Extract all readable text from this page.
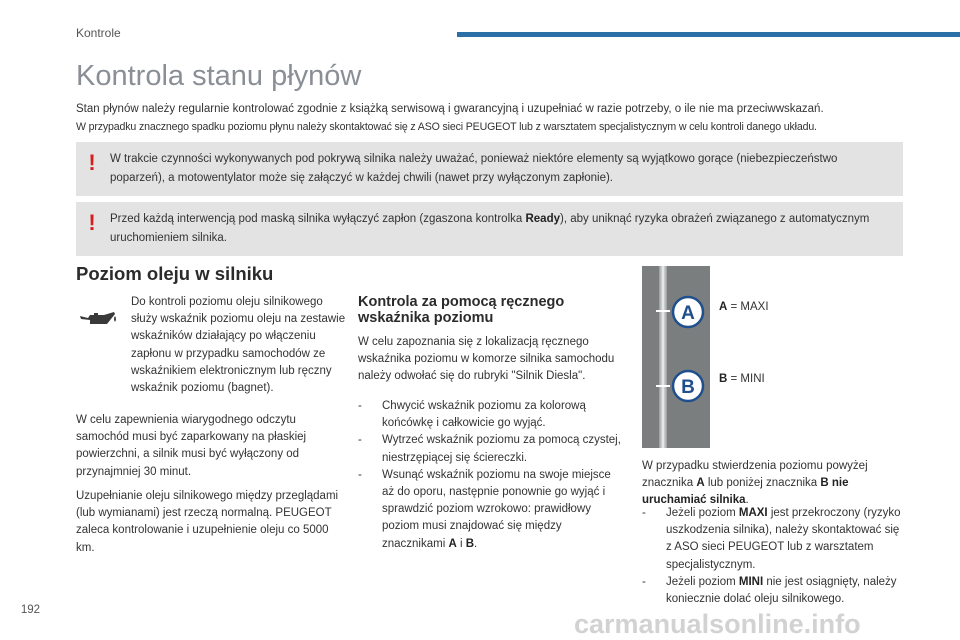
Kontrole
Kontrola stanu płynów
Stan płynów należy regularnie kontrolować zgodnie z książką serwisową i gwarancyjną i uzupełniać w razie potrzeby, o ile nie ma przeciwwskazań.
W przypadku znacznego spadku poziomu płynu należy skontaktować się z ASO sieci PEUGEOT lub z warsztatem specjalistycznym w celu kontroli danego układu.
! W trakcie czynności wykonywanych pod pokrywą silnika należy uważać, ponieważ niektóre elementy są wyjątkowo gorące (niebezpieczeństwo poparzeń), a motowentylator może się załączyć w każdej chwili (nawet przy wyłączonym zapłonie).
! Przed każdą interwencją pod maską silnika wyłączyć zapłon (zgaszona kontrolka Ready), aby uniknąć ryzyka obrażeń związanego z automatycznym uruchomieniem silnika.
Poziom oleju w silniku
Do kontroli poziomu oleju silnikowego służy wskaźnik poziomu oleju na zestawie wskaźników działający po włączeniu zapłonu w przypadku samochodów ze wskaźnikiem elektronicznym lub ręczny wskaźnik poziomu (bagnet).
W celu zapewnienia wiarygodnego odczytu samochód musi być zaparkowany na płaskiej powierzchni, a silnik musi być wyłączony od przynajmniej 30 minut.
Uzupełnianie oleju silnikowego między przeglądami (lub wymianami) jest rzeczą normalną. PEUGEOT zaleca kontrolowanie i uzupełnienie oleju co 5000 km.
Kontrola za pomocą ręcznego wskaźnika poziomu
W celu zapoznania się z lokalizacją ręcznego wskaźnika poziomu w komorze silnika samochodu należy odwołać się do rubryki "Silnik Diesla".
- Chwycić wskaźnik poziomu za kolorową końcówkę i całkowicie go wyjąć.
- Wytrzeć wskaźnik poziomu za pomocą czystej, niestrzępiącej się ściereczki.
- Wsunąć wskaźnik poziomu na swoje miejsce aż do oporu, następnie ponownie go wyjąć i sprawdzić poziom wzrokowo: prawidłowy poziom musi znajdować się między znacznikami A i B.
A
B
A = MAXI
B = MINI
W przypadku stwierdzenia poziomu powyżej znacznika A lub poniżej znacznika B nie uruchamiać silnika.
- Jeżeli poziom MAXI jest przekroczony (ryzyko uszkodzenia silnika), należy skontaktować się z ASO sieci PEUGEOT lub z warsztatem specjalistycznym.
- Jeżeli poziom MINI nie jest osiągnięty, należy koniecznie dolać oleju silnikowego.
192	carmanualsonline.info
